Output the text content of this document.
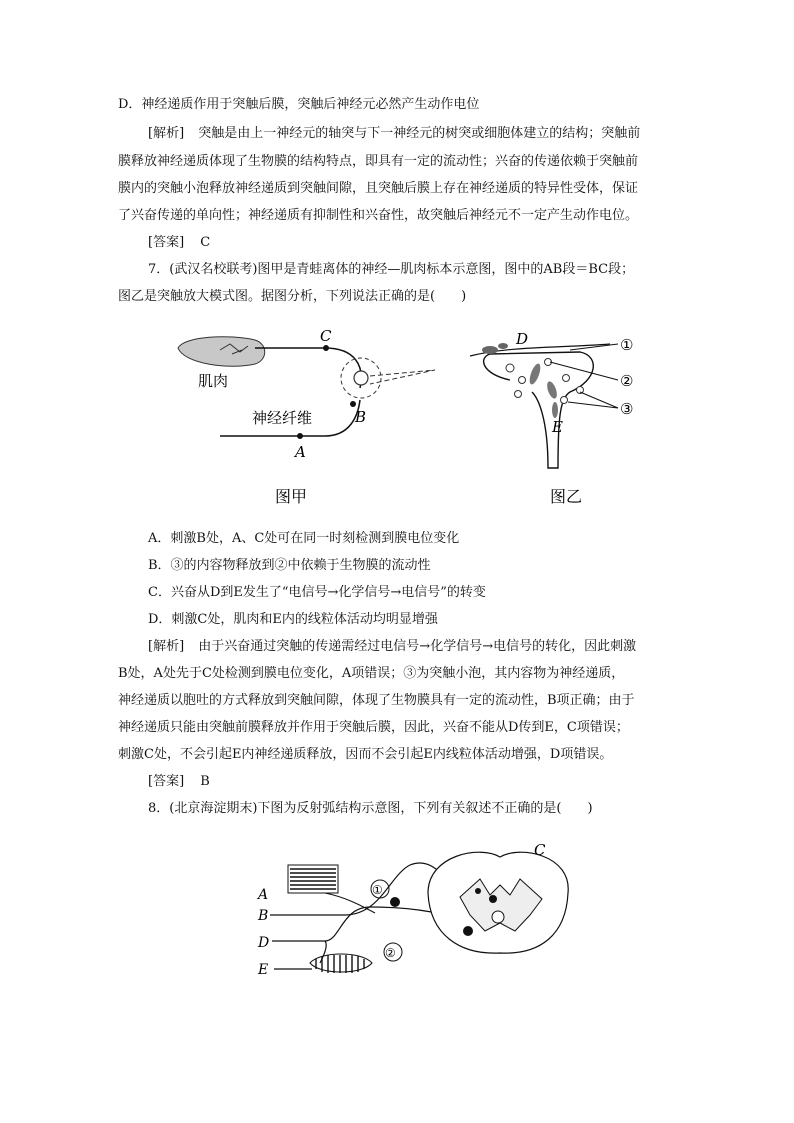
D．神经递质作用于突触后膜，突触后神经元必然产生动作电位
[解析] 突触是由上一神经元的轴突与下一神经元的树突或细胞体建立的结构；突触前
膜释放神经递质体现了生物膜的结构特点，即具有一定的流动性；兴奋的传递依赖于突触前
膜内的突触小泡释放神经递质到突触间隙，且突触后膜上存在神经递质的特异性受体，保证
了兴奋传递的单向性；神经递质有抑制性和兴奋性，故突触后神经元不一定产生动作电位。
[答案] C
7．(武汉名校联考)图甲是青蛙离体的神经—肌肉标本示意图，图中的AB段＝BC段；
图乙是突触放大模式图。据图分析，下列说法正确的是(　　)
C
B
A
肌肉
神经纤维
图甲
D
E
①
②
③
图乙
A．刺激B处，A、C处可在同一时刻检测到膜电位变化
B．③的内容物释放到②中依赖于生物膜的流动性
C．兴奋从D到E发生了“电信号→化学信号→电信号”的转变
D．刺激C处，肌肉和E内的线粒体活动均明显增强
[解析] 由于兴奋通过突触的传递需经过电信号→化学信号→电信号的转化，因此刺激
B处，A处先于C处检测到膜电位变化，A项错误；③为突触小泡，其内容物为神经递质，
神经递质以胞吐的方式释放到突触间隙，体现了生物膜具有一定的流动性，B项正确；由于
神经递质只能由突触前膜释放并作用于突触后膜，因此，兴奋不能从D传到E，C项错误；
刺激C处，不会引起E内神经递质释放，因而不会引起E内线粒体活动增强，D项错误。
[答案] B
8．(北京海淀期末)下图为反射弧结构示意图，下列有关叙述不正确的是(　　)
C
A
B
D
E
①
②
